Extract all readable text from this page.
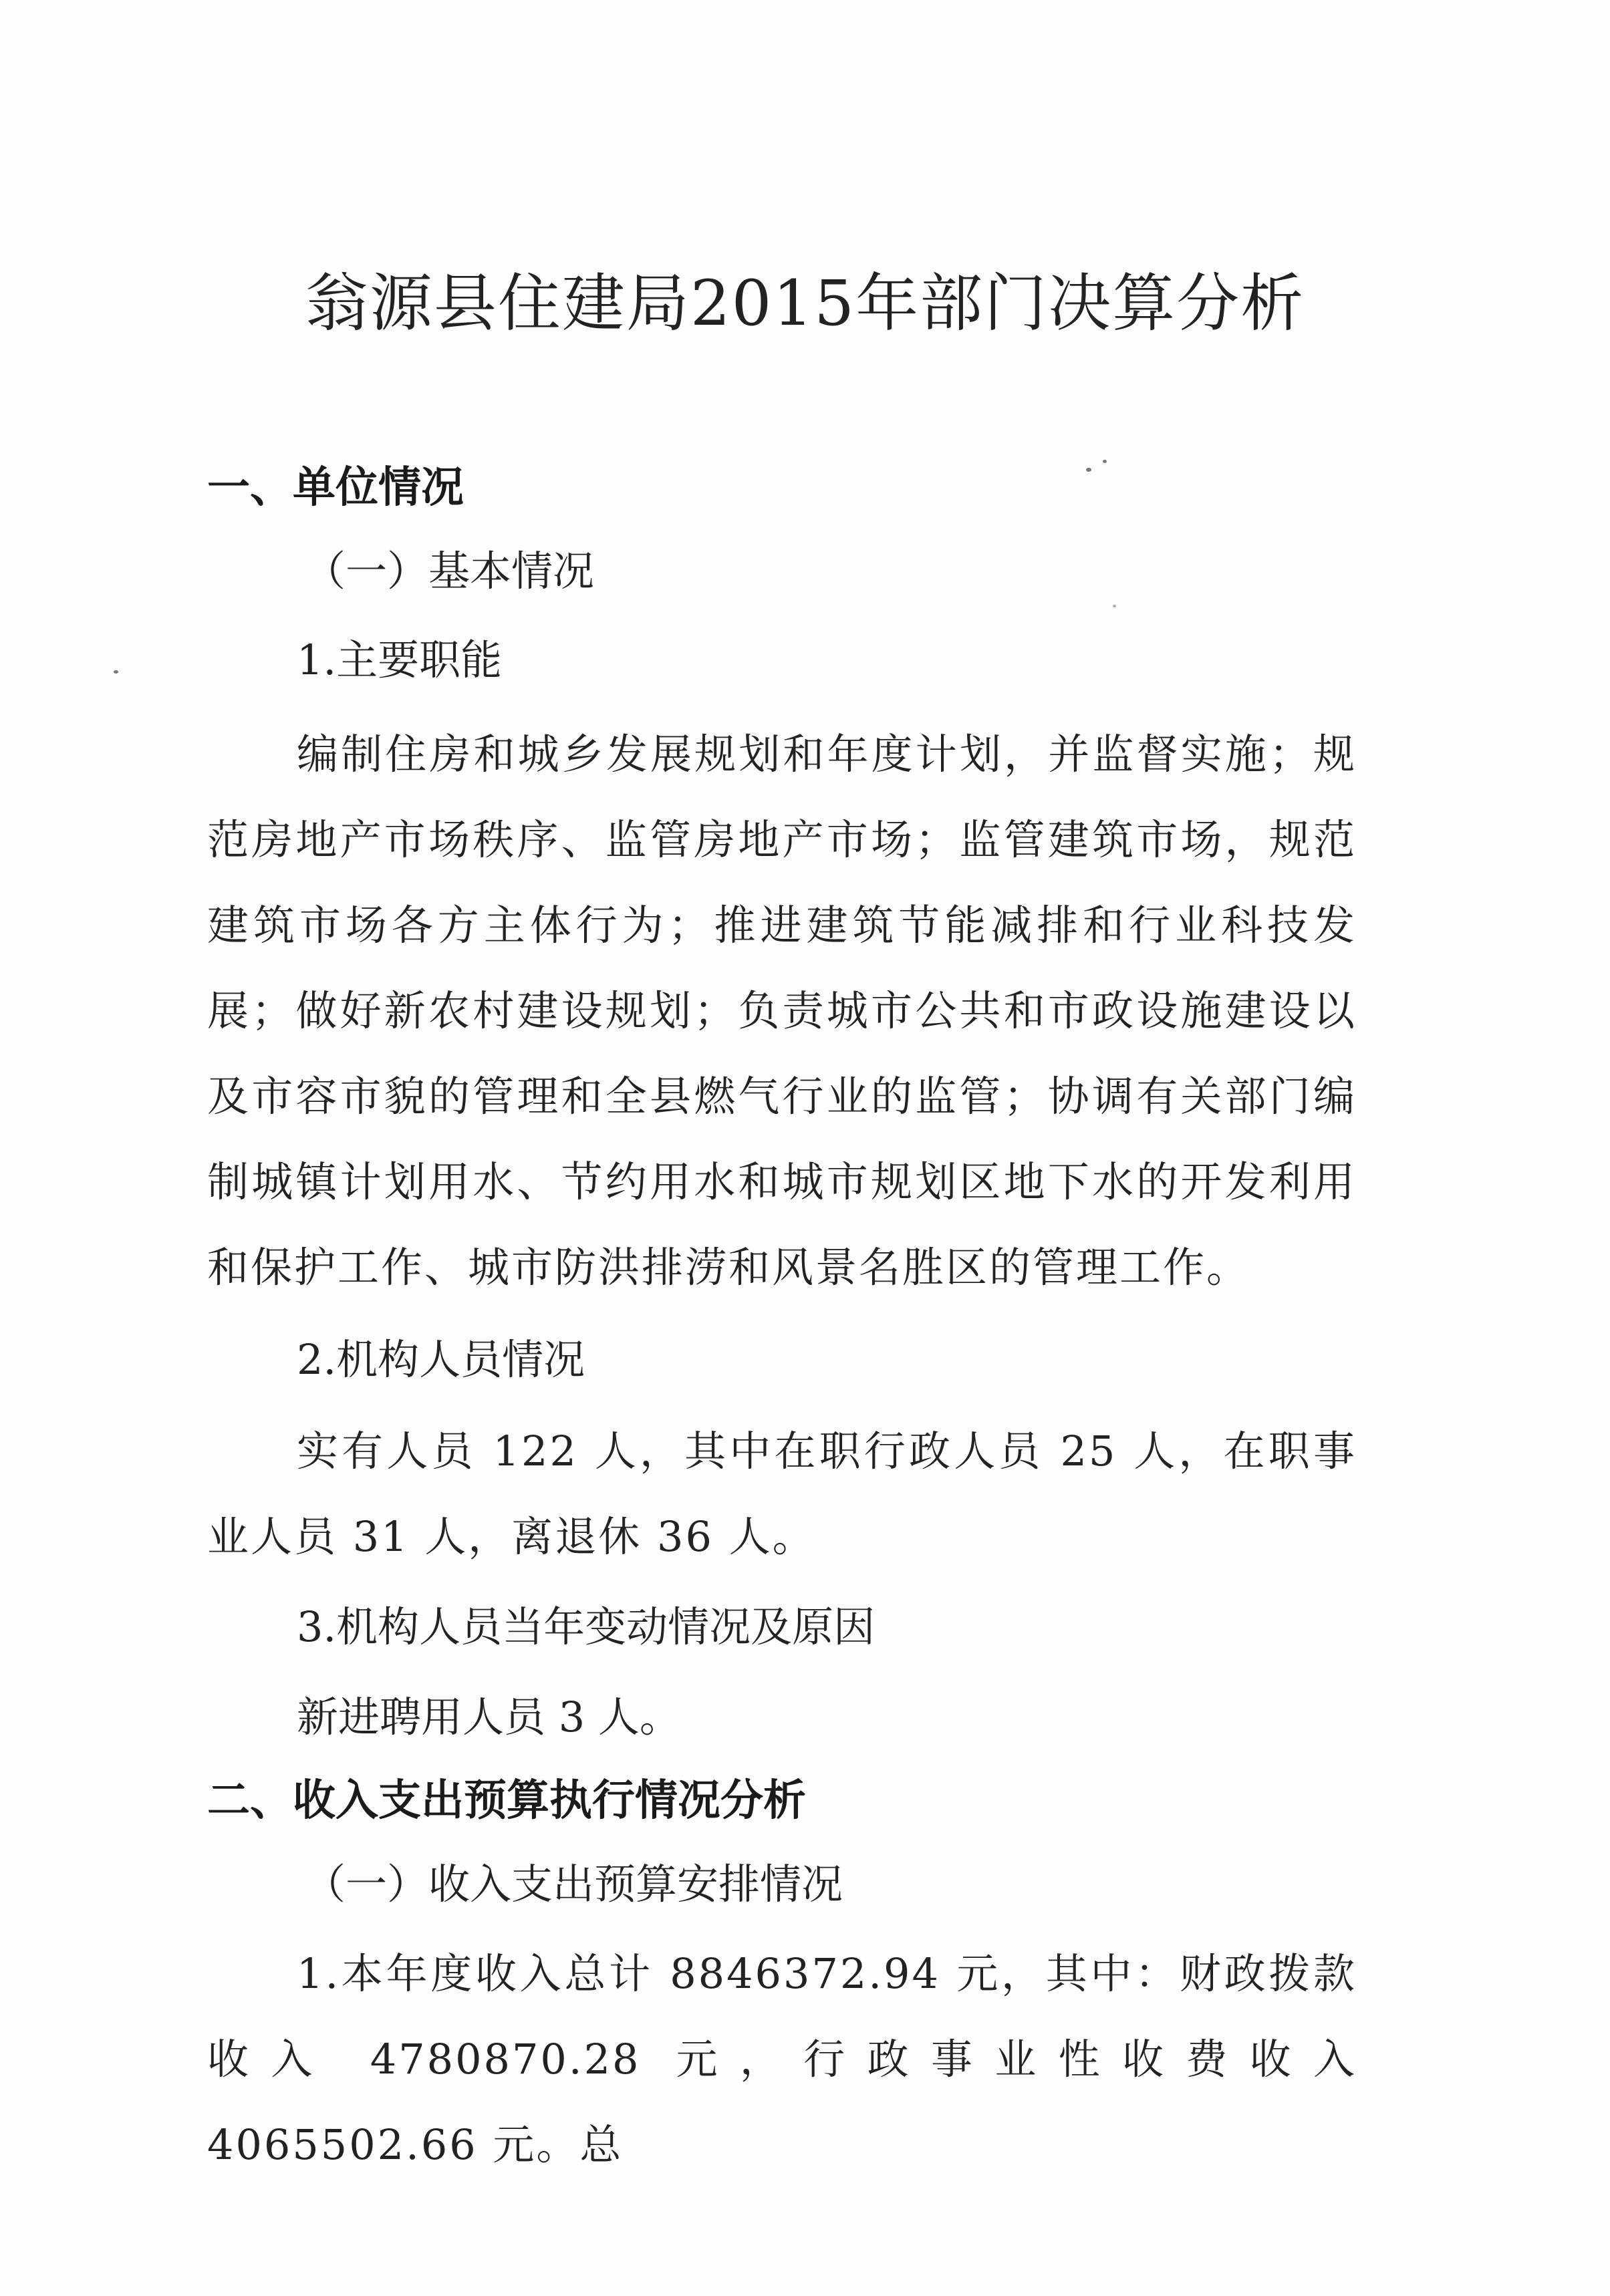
翁源县住建局2015年部门决算分析
一、单位情况
（一）基本情况
1.主要职能
编制住房和城乡发展规划和年度计划，并监督实施；规范房地产市场秩序、监管房地产市场；监管建筑市场，规范建筑市场各方主体行为；推进建筑节能减排和行业科技发展；做好新农村建设规划；负责城市公共和市政设施建设以及市容市貌的管理和全县燃气行业的监管；协调有关部门编制城镇计划用水、节约用水和城市规划区地下水的开发利用和保护工作、城市防洪排涝和风景名胜区的管理工作。
2.机构人员情况
实有人员 122 人，其中在职行政人员 25 人，在职事业人员 31 人，离退休 36 人。
3.机构人员当年变动情况及原因
新进聘用人员 3 人。
二、收入支出预算执行情况分析
（一）收入支出预算安排情况
1.本年度收入总计 8846372.94 元，其中：财政拨款收入 4780870.28 元，行政事业性收费收入 4065502.66 元。总
